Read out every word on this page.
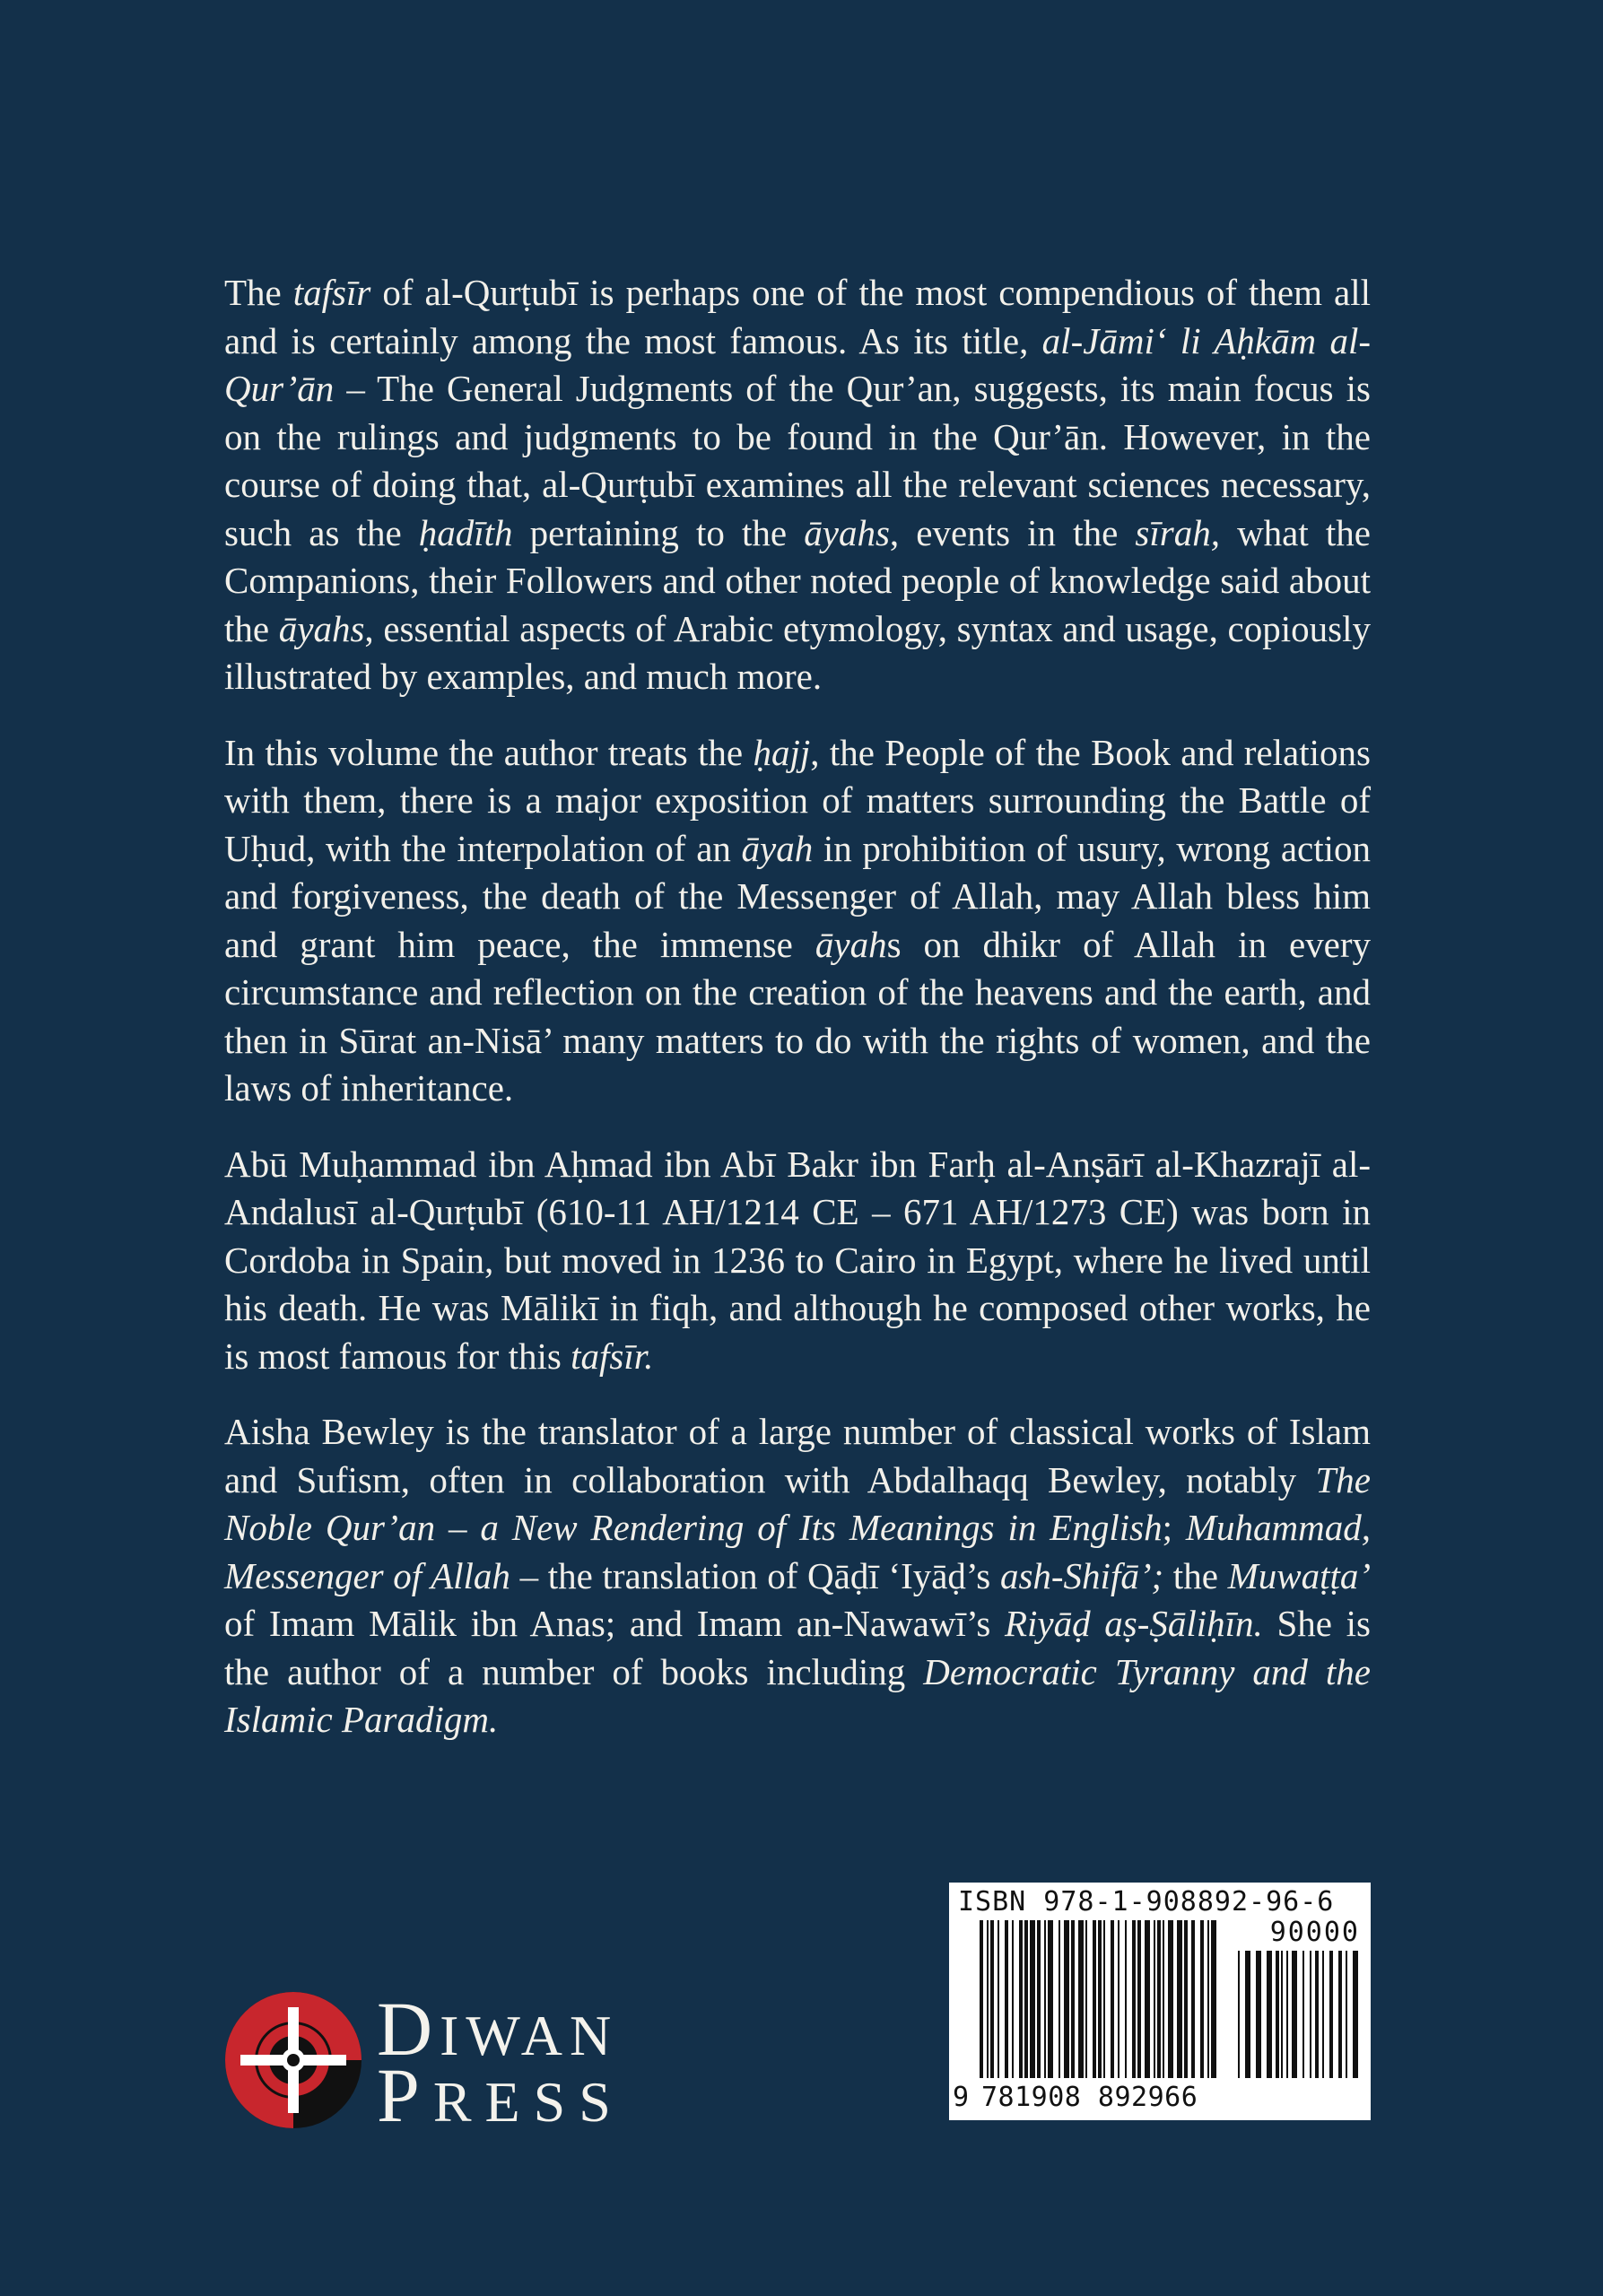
The tafsīr of al-Qurṭubī is perhaps one of the most compendious of them all and is certainly among the most famous. As its title, al-Jāmi‘ li Aḥkām al-Qur’ān – The General Judgments of the Qur’an, suggests, its main focus is on the rulings and judgments to be found in the Qur’ān. However, in the course of doing that, al-Qurṭubī examines all the relevant sciences necessary, such as the ḥadīth pertaining to the āyahs, events in the sīrah, what the Companions, their Followers and other noted people of knowledge said about the āyahs, essential aspects of Arabic etymology, syntax and usage, copiously illustrated by examples, and much more.

In this volume the author treats the ḥajj, the People of the Book and relations with them, there is a major exposition of matters surrounding the Battle of Uḥud, with the interpolation of an āyah in prohibition of usury, wrong action and forgiveness, the death of the Messenger of Allah, may Allah bless him and grant him peace, the immense āyahs on dhikr of Allah in every circumstance and reflection on the creation of the heavens and the earth, and then in Sūrat an-Nisā’ many matters to do with the rights of women, and the laws of inheritance.

Abū Muḥammad ibn Aḥmad ibn Abī Bakr ibn Farḥ al-Anṣārī al-Khazrajī al-Andalusī al-Qurṭubī (610-11 AH/1214 CE – 671 AH/1273 CE) was born in Cordoba in Spain, but moved in 1236 to Cairo in Egypt, where he lived until his death. He was Mālikī in fiqh, and although he composed other works, he is most famous for this tafsīr.

Aisha Bewley is the translator of a large number of classical works of Islam and Sufism, often in collaboration with Abdalhaqq Bewley, notably The Noble Qur’an – a New Rendering of Its Meanings in English; Muhammad, Messenger of Allah – the translation of Qāḍī ‘Iyāḍ’s ash-Shifā’; the Muwaṭṭa’ of Imam Mālik ibn Anas; and Imam an-Nawawī’s Riyāḍ aṣ-Ṣāliḥīn. She is the author of a number of books including Democratic Tyranny and the Islamic Paradigm.

DIWAN
PRESS
ISBN 978-1-908892-96-6
90000
9 781908 892966
